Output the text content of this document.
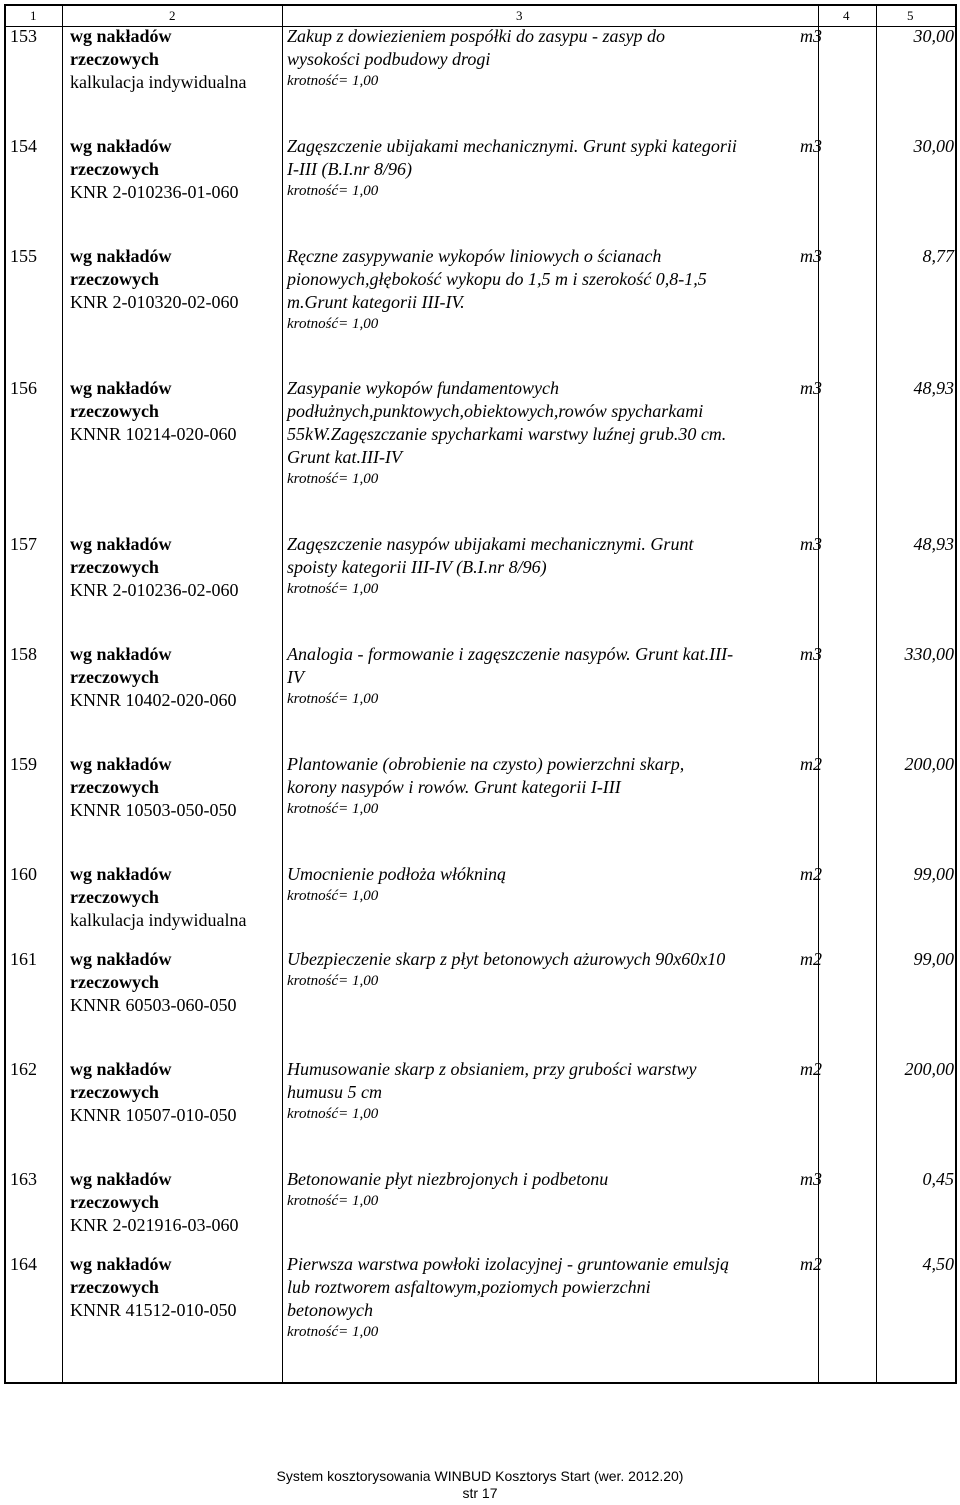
1	2	3	4	5
153	wg nakładów
rzeczowych
kalkulacja indywidualna
Zakup z dowiezieniem pospółki do zasypu - zasyp do wysokości podbudowy drogi
krotność= 1,00
m3	30,00
154	wg nakładów
rzeczowych
KNR 2-010236-01-060
Zagęszczenie ubijakami mechanicznymi. Grunt sypki kategorii I-III (B.I.nr 8/96)
krotność= 1,00
m3	30,00
155	wg nakładów
rzeczowych
KNR 2-010320-02-060
Ręczne zasypywanie wykopów liniowych o ścianach pionowych,głębokość wykopu do 1,5 m i szerokość 0,8-1,5 m.Grunt kategorii III-IV.
krotność= 1,00
m3	8,77
156	wg nakładów
rzeczowych
KNNR 10214-020-060
Zasypanie wykopów fundamentowych podłużnych,punktowych,obiektowych,rowów spycharkami 55kW.Zagęszczanie spycharkami warstwy luźnej grub.30 cm. Grunt kat.III-IV
krotność= 1,00
m3	48,93
157	wg nakładów
rzeczowych
KNR 2-010236-02-060
Zagęszczenie nasypów ubijakami mechanicznymi. Grunt spoisty kategorii III-IV (B.I.nr 8/96)
krotność= 1,00
m3	48,93
158	wg nakładów
rzeczowych
KNNR 10402-020-060
Analogia - formowanie i zagęszczenie nasypów. Grunt kat.III-IV
krotność= 1,00
m3	330,00
159	wg nakładów
rzeczowych
KNNR 10503-050-050
Plantowanie (obrobienie na czysto) powierzchni skarp, korony nasypów i rowów. Grunt kategorii I-III
krotność= 1,00
m2	200,00
160	wg nakładów
rzeczowych
kalkulacja indywidualna
Umocnienie podłoża włókniną
krotność= 1,00
m2	99,00
161	wg nakładów
rzeczowych
KNNR 60503-060-050
Ubezpieczenie skarp z płyt betonowych ażurowych 90x60x10
krotność= 1,00
m2	99,00
162	wg nakładów
rzeczowych
KNNR 10507-010-050
Humusowanie skarp z obsianiem, przy grubości warstwy humusu 5 cm
krotność= 1,00
m2	200,00
163	wg nakładów
rzeczowych
KNR 2-021916-03-060
Betonowanie płyt niezbrojonych i podbetonu
krotność= 1,00
m3	0,45
164	wg nakładów
rzeczowych
KNNR 41512-010-050
Pierwsza warstwa powłoki izolacyjnej - gruntowanie emulsją lub roztworem asfaltowym,poziomych powierzchni betonowych
krotność= 1,00
m2	4,50
System kosztorysowania WINBUD Kosztorys Start (wer. 2012.20)
str 17
